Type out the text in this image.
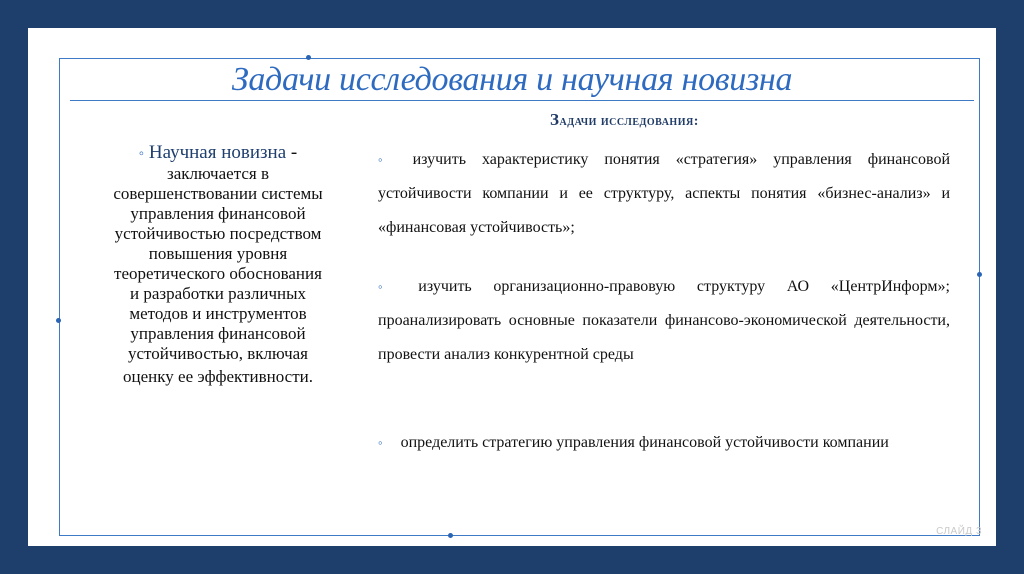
Задачи исследования и научная новизна
Задачи исследования:
◦ Научная новизна -
заключается в
совершенствовании системы
управления финансовой
устойчивостью посредством
повышения уровня
теоретического обоснования
и разработки различных
методов и инструментов
управления финансовой
устойчивостью, включая
оценку ее эффективности.
◦ изучить характеристику понятия «стратегия» управления финансовой устойчивости компании и ее структуру, аспекты понятия «бизнес-анализ» и «финансовая устойчивость»;
◦ изучить организационно-правовую структуру АО «ЦентрИнформ»; проанализировать основные показатели финансово-экономической деятельности, провести анализ конкурентной среды
◦ определить стратегию управления финансовой устойчивости компании
СЛАЙД 3
